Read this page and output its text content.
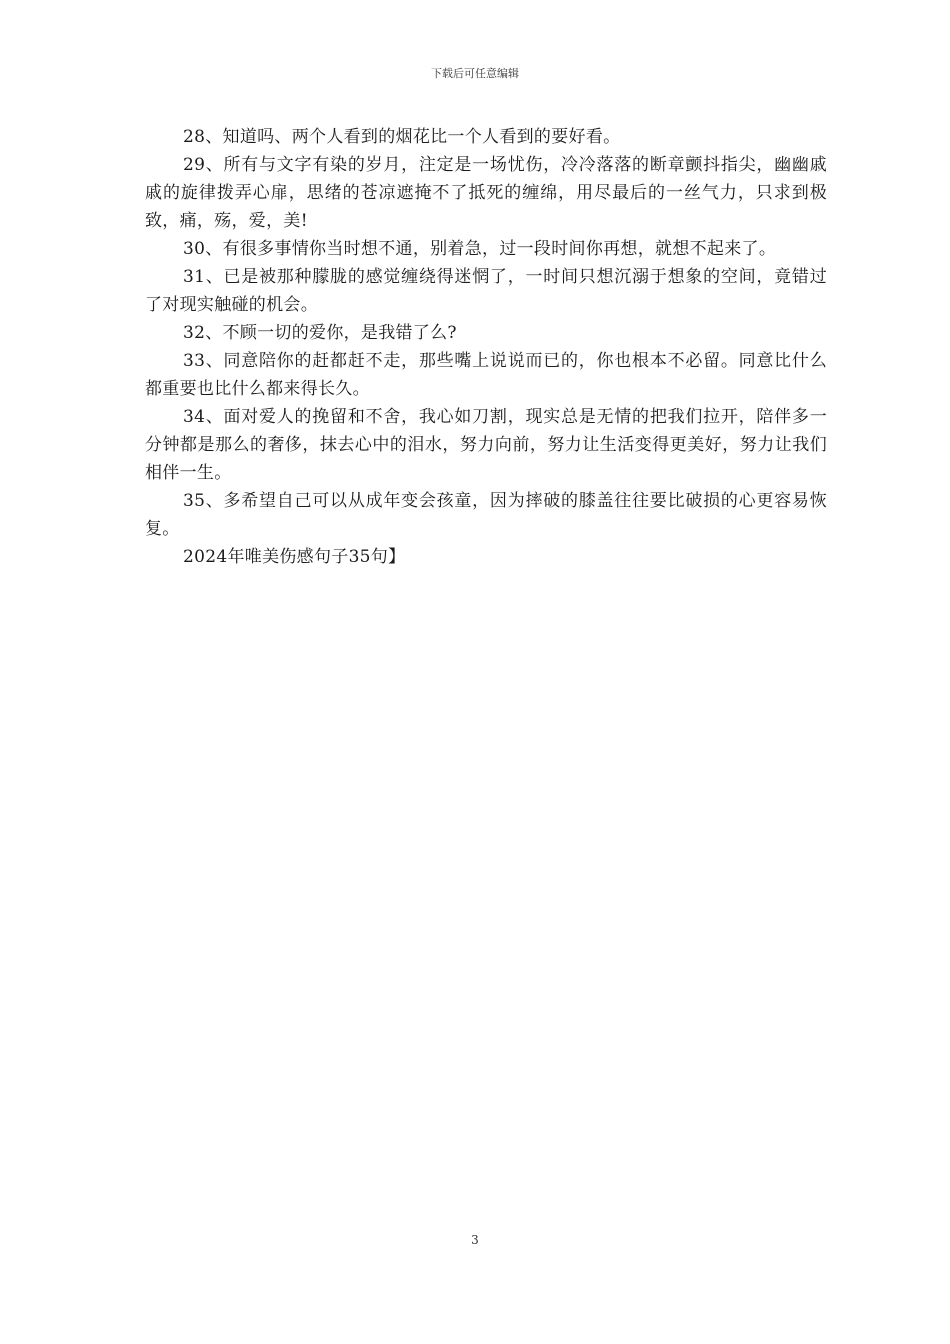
下载后可任意编辑

28、知道吗、两个人看到的烟花比一个人看到的要好看。

29、所有与文字有染的岁月，注定是一场忧伤，冷冷落落的断章颤抖指尖，幽幽戚戚的旋律拨弄心扉，思绪的苍凉遮掩不了抵死的缠绵，用尽最后的一丝气力，只求到极致，痛，殇，爱，美!

30、有很多事情你当时想不通，别着急，过一段时间你再想，就想不起来了。

31、已是被那种朦胧的感觉缠绕得迷惘了，一时间只想沉溺于想象的空间，竟错过了对现实触碰的机会。

32、不顾一切的爱你，是我错了么?

33、同意陪你的赶都赶不走，那些嘴上说说而已的，你也根本不必留。同意比什么都重要也比什么都来得长久。

34、面对爱人的挽留和不舍，我心如刀割，现实总是无情的把我们拉开，陪伴多一分钟都是那么的奢侈，抹去心中的泪水，努力向前，努力让生活变得更美好，努力让我们相伴一生。

35、多希望自己可以从成年变会孩童，因为摔破的膝盖往往要比破损的心更容易恢复。

2024年唯美伤感句子35句】

3
